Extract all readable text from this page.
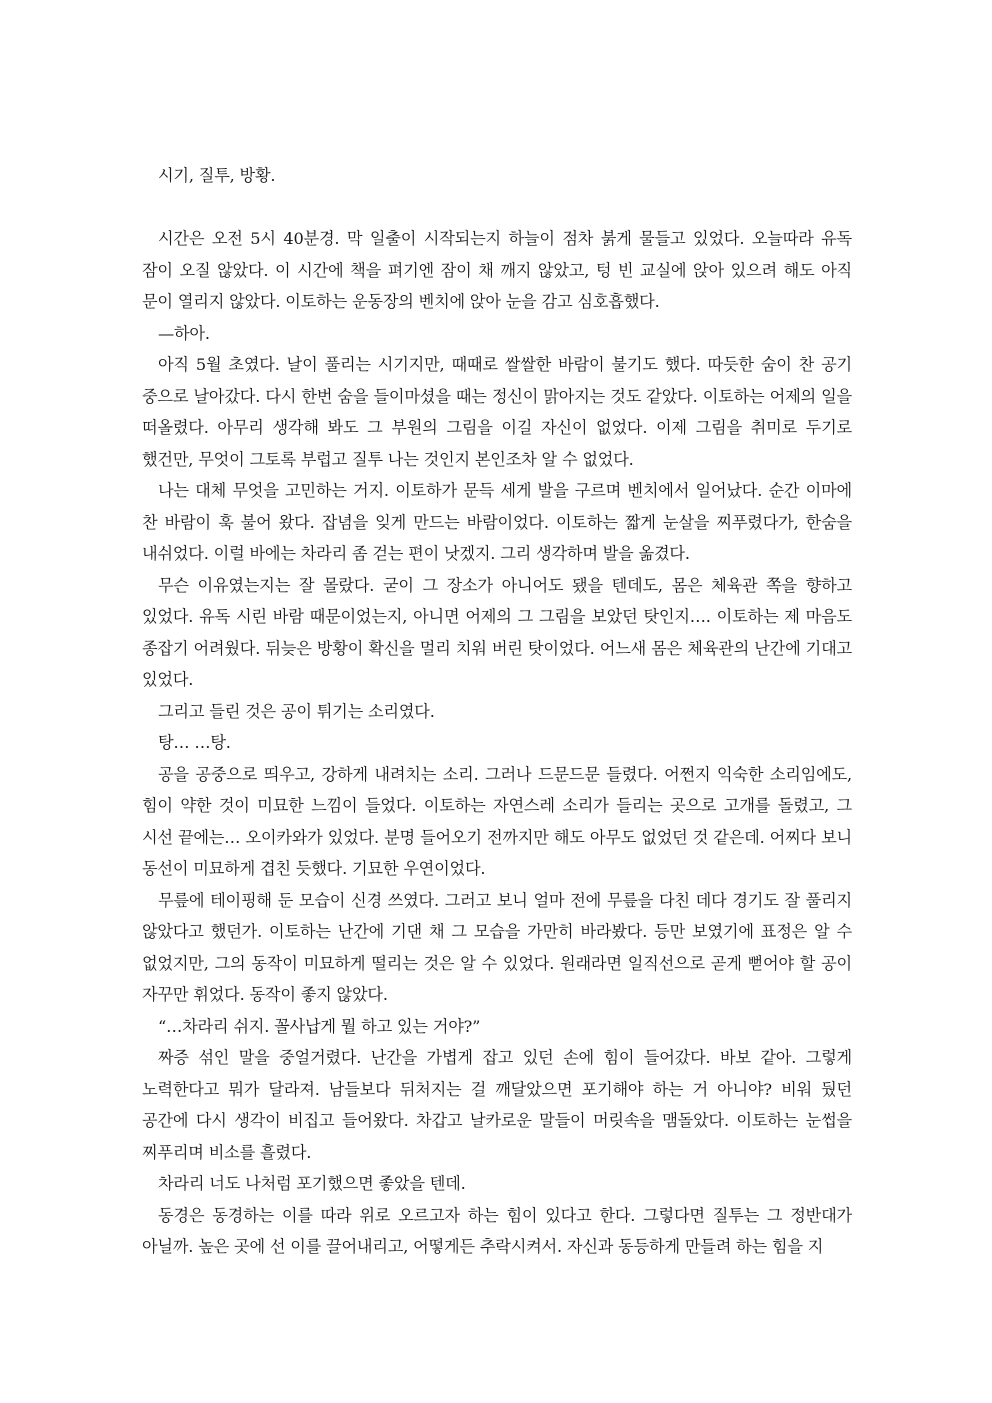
시기, 질투, 방황.

시간은 오전 5시 40분경. 막 일출이 시작되는지 하늘이 점차 붉게 물들고 있었다. 오늘따라 유독 잠이 오질 않았다. 이 시간에 책을 펴기엔 잠이 채 깨지 않았고, 텅 빈 교실에 앉아 있으려 해도 아직 문이 열리지 않았다. 이토하는 운동장의 벤치에 앉아 눈을 감고 심호흡했다.

—하아.

아직 5월 초였다. 날이 풀리는 시기지만, 때때로 쌀쌀한 바람이 불기도 했다. 따듯한 숨이 찬 공기 중으로 날아갔다. 다시 한번 숨을 들이마셨을 때는 정신이 맑아지는 것도 같았다. 이토하는 어제의 일을 떠올렸다. 아무리 생각해 봐도 그 부원의 그림을 이길 자신이 없었다. 이제 그림을 취미로 두기로 했건만, 무엇이 그토록 부럽고 질투 나는 것인지 본인조차 알 수 없었다.

나는 대체 무엇을 고민하는 거지. 이토하가 문득 세게 발을 구르며 벤치에서 일어났다. 순간 이마에 찬 바람이 훅 불어 왔다. 잡념을 잊게 만드는 바람이었다. 이토하는 짧게 눈살을 찌푸렸다가, 한숨을 내쉬었다. 이럴 바에는 차라리 좀 걷는 편이 낫겠지. 그리 생각하며 발을 옮겼다.

무슨 이유였는지는 잘 몰랐다. 굳이 그 장소가 아니어도 됐을 텐데도, 몸은 체육관 쪽을 향하고 있었다. 유독 시린 바람 때문이었는지, 아니면 어제의 그 그림을 보았던 탓인지…. 이토하는 제 마음도 종잡기 어려웠다. 뒤늦은 방황이 확신을 멀리 치워 버린 탓이었다. 어느새 몸은 체육관의 난간에 기대고 있었다.

그리고 들린 것은 공이 튀기는 소리였다.

탕… …탕.

공을 공중으로 띄우고, 강하게 내려치는 소리. 그러나 드문드문 들렸다. 어쩐지 익숙한 소리임에도, 힘이 약한 것이 미묘한 느낌이 들었다. 이토하는 자연스레 소리가 들리는 곳으로 고개를 돌렸고, 그 시선 끝에는… 오이카와가 있었다. 분명 들어오기 전까지만 해도 아무도 없었던 것 같은데. 어찌다 보니 동선이 미묘하게 겹친 듯했다. 기묘한 우연이었다.

무릎에 테이핑해 둔 모습이 신경 쓰였다. 그러고 보니 얼마 전에 무릎을 다친 데다 경기도 잘 풀리지 않았다고 했던가. 이토하는 난간에 기댄 채 그 모습을 가만히 바라봤다. 등만 보였기에 표정은 알 수 없었지만, 그의 동작이 미묘하게 떨리는 것은 알 수 있었다. 원래라면 일직선으로 곧게 뻗어야 할 공이 자꾸만 휘었다. 동작이 좋지 않았다.

“…차라리 쉬지. 꼴사납게 뭘 하고 있는 거야?”

짜증 섞인 말을 중얼거렸다. 난간을 가볍게 잡고 있던 손에 힘이 들어갔다. 바보 같아. 그렇게 노력한다고 뭐가 달라져. 남들보다 뒤처지는 걸 깨달았으면 포기해야 하는 거 아니야? 비워 뒀던 공간에 다시 생각이 비집고 들어왔다. 차갑고 날카로운 말들이 머릿속을 맴돌았다. 이토하는 눈썹을 찌푸리며 비소를 흘렸다.

차라리 너도 나처럼 포기했으면 좋았을 텐데.

동경은 동경하는 이를 따라 위로 오르고자 하는 힘이 있다고 한다. 그렇다면 질투는 그 정반대가 아닐까. 높은 곳에 선 이를 끌어내리고, 어떻게든 추락시켜서. 자신과 동등하게 만들려 하는 힘을 지
